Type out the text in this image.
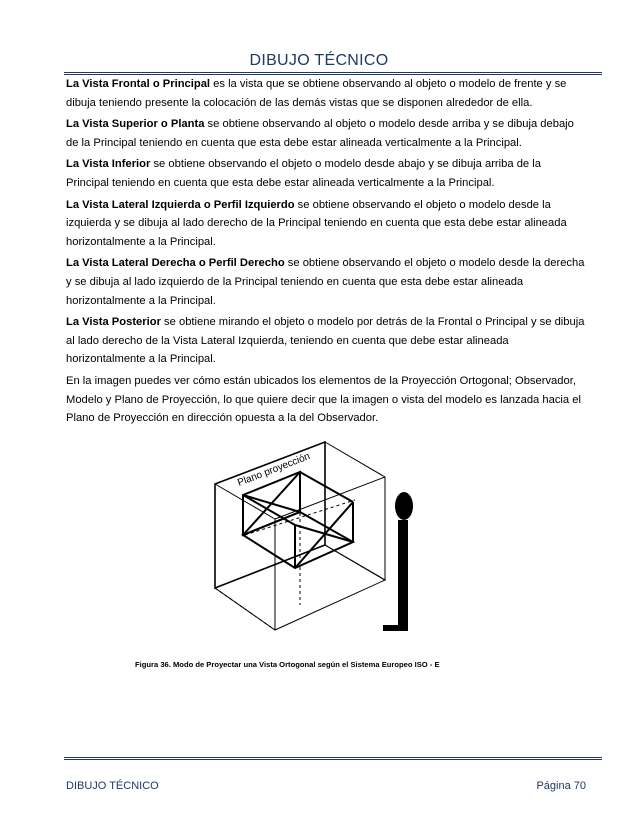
DIBUJO TÉCNICO

La Vista Frontal o Principal es la vista que se obtiene observando al objeto o modelo de frente y se dibuja teniendo presente la colocación de las demás vistas que se disponen alrededor de ella.

La Vista Superior o Planta se obtiene observando al objeto o modelo desde arriba y se dibuja debajo de la Principal teniendo en cuenta que esta debe estar alineada verticalmente a la Principal.

La Vista Inferior se obtiene observando el objeto o modelo desde abajo y se dibuja arriba de la Principal teniendo en cuenta que esta debe estar alineada verticalmente a la Principal.

La Vista Lateral Izquierda o Perfil Izquierdo se obtiene observando el objeto o modelo desde la izquierda y se dibuja al lado derecho de la Principal teniendo en cuenta que esta debe estar alineada horizontalmente a la Principal.

La Vista Lateral Derecha o Perfil Derecho se obtiene observando el objeto o modelo desde la derecha y se dibuja al lado izquierdo de la Principal teniendo en cuenta que esta debe estar alineada horizontalmente a la Principal.

La Vista Posterior se obtiene mirando el objeto o modelo por detrás de la Frontal o Principal y se dibuja al lado derecho de la Vista Lateral Izquierda, teniendo en cuenta que debe estar alineada horizontalmente a la Principal.

En la imagen puedes ver cómo están ubicados los elementos de la Proyección Ortogonal; Observador, Modelo y Plano de Proyección, lo que quiere decir que la imagen o vista del modelo es lanzada hacia el Plano de Proyección en dirección opuesta a la del Observador.

Plano proyección
Figura 36. Modo de Proyectar una Vista Ortogonal según el Sistema Europeo ISO - E
DIBUJO TÉCNICO	Página 70
